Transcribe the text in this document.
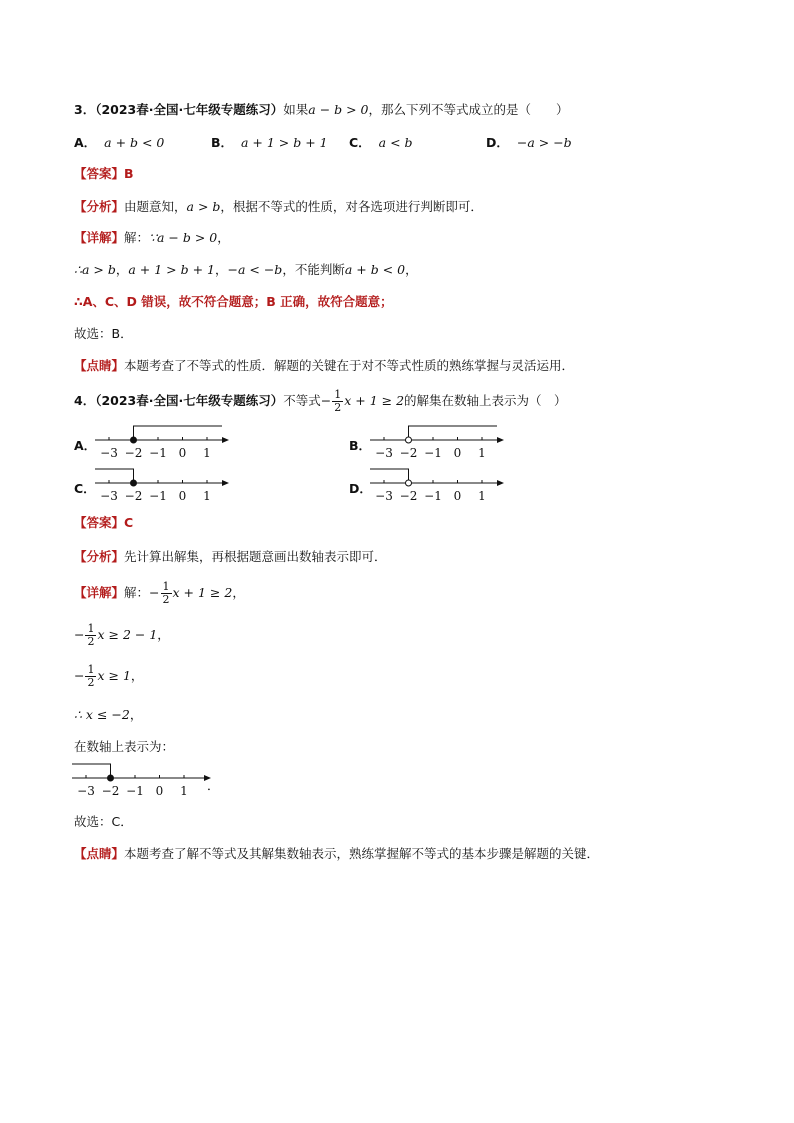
3．（2023春·全国·七年级专题练习）如果a − b > 0，那么下列不等式成立的是（　　）
A． a + b < 0	B． a + 1 > b + 1 C． a < b	D． −a > −b
【答案】B
【分析】由题意知，a > b，根据不等式的性质，对各选项进行判断即可．
【详解】解：∵a − b > 0，
∴a > b，a + 1 > b + 1，−a < −b，不能判断a + b < 0，
∴A、C、D 错误，故不符合题意；B 正确，故符合题意；
故选：B．
【点睛】本题考查了不等式的性质．解题的关键在于对不等式性质的熟练掌握与灵活运用．
4．（2023春·全国·七年级专题练习）不等式− $\frac{1}{2}$ x + 1 ≥ 2的解集在数轴上表示为（　）
A． −3 −2 −1 0 1	B． −3 −2 −1 0 1
C． −3 −2 −1 0 1	D． −3 −2 −1 0 1
【答案】C
【分析】先计算出解集，再根据题意画出数轴表示即可．
【详解】解：− $\frac{1}{2}$ x + 1 ≥ 2，
− $\frac{1}{2}$ x ≥ 2 − 1，
− $\frac{1}{2}$ x ≥ 1，
∴ x ≤ −2，
在数轴上表示为：
−3 −2 −1 0 1 ．
故选：C．
【点睛】本题考查了解不等式及其解集数轴表示，熟练掌握解不等式的基本步骤是解题的关键．
